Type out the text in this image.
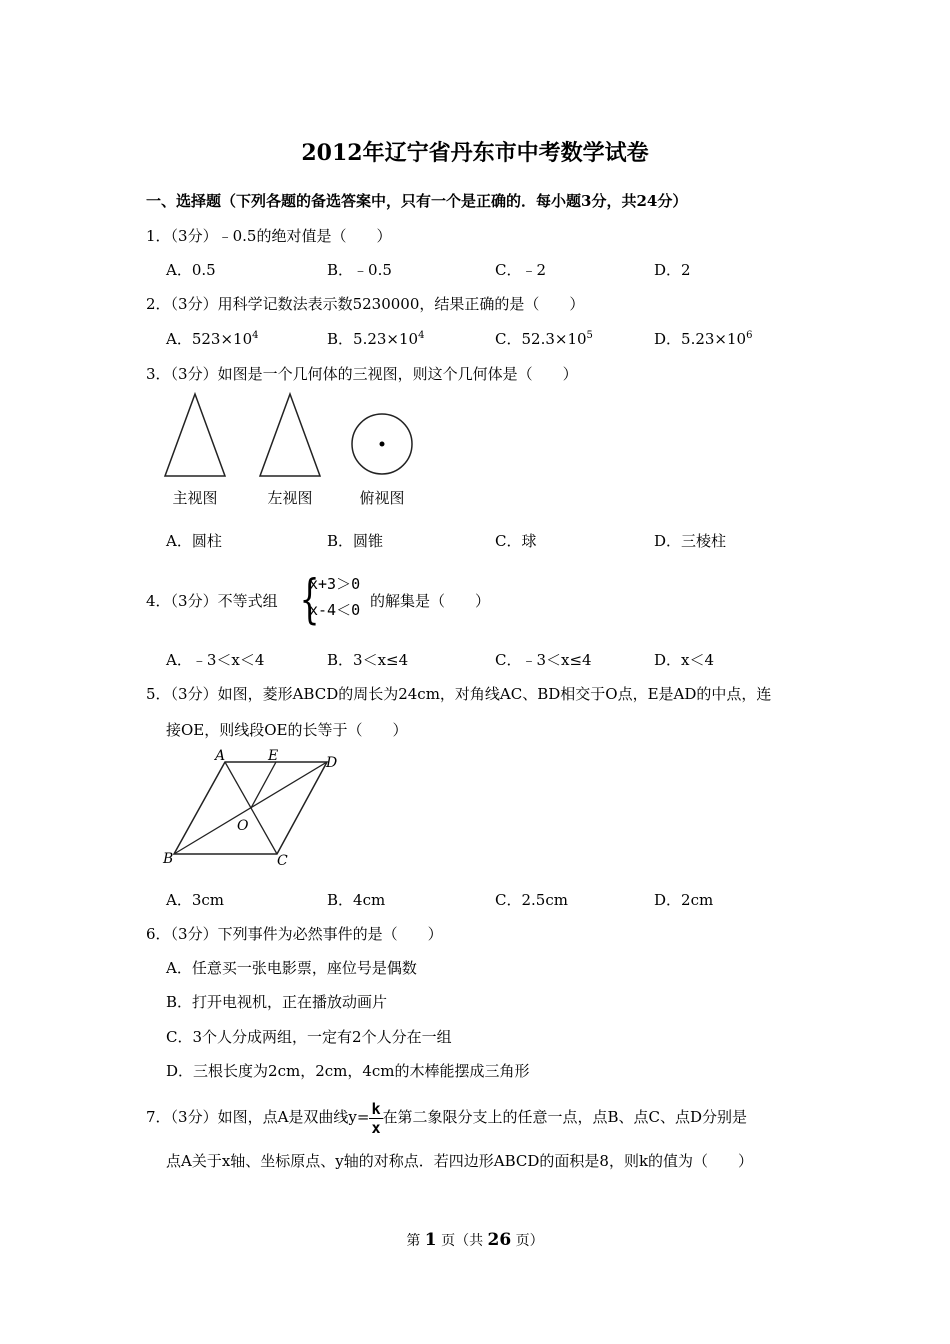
2012年辽宁省丹东市中考数学试卷
一、选择题（下列各题的备选答案中，只有一个是正确的．每小题3分，共24分）
1．（3分）﹣0.5的绝对值是（　　）
A．0.5	B．﹣0.5	C．﹣2	D．2
2．（3分）用科学记数法表示数5230000，结果正确的是（　　）
A．$523\times 10^4$	B．$5.23\times 10^4$	C．$52.3\times 10^5$	D．$5.23\times 10^6$
3．（3分）如图是一个几何体的三视图，则这个几何体是（　　）
主视图	左视图	俯视图
A．圆柱	B．圆锥	C．球	D．三棱柱
4．（3分）不等式组 {
x+3＞0
x-4＜0 的解集是（　　）
A．﹣3＜x＜4	B．3＜x≤4	C．﹣3＜x≤4	D．x＜4
5．（3分）如图，菱形ABCD的周长为24cm，对角线AC、BD相交于O点，E是AD的中点，连
接OE，则线段OE的长等于（　　）
A	E	D
O
B	C
A．3cm	B．4cm	C．2.5cm	D．2cm
6．（3分）下列事件为必然事件的是（　　）
A．任意买一张电影票，座位号是偶数
B．打开电视机，正在播放动画片
C．3个人分成两组，一定有2个人分在一组
D．三根长度为2cm，2cm，4cm的木棒能摆成三角形
7．（3分）如图，点A是双曲线$y= \frac{k}{x}$ 在第二象限分支上的任意一点，点B、点C、点D分别是
点A关于x轴、坐标原点、y轴的对称点．若四边形ABCD的面积是8，则k的值为（　　）
第 1 页（共 26 页）
